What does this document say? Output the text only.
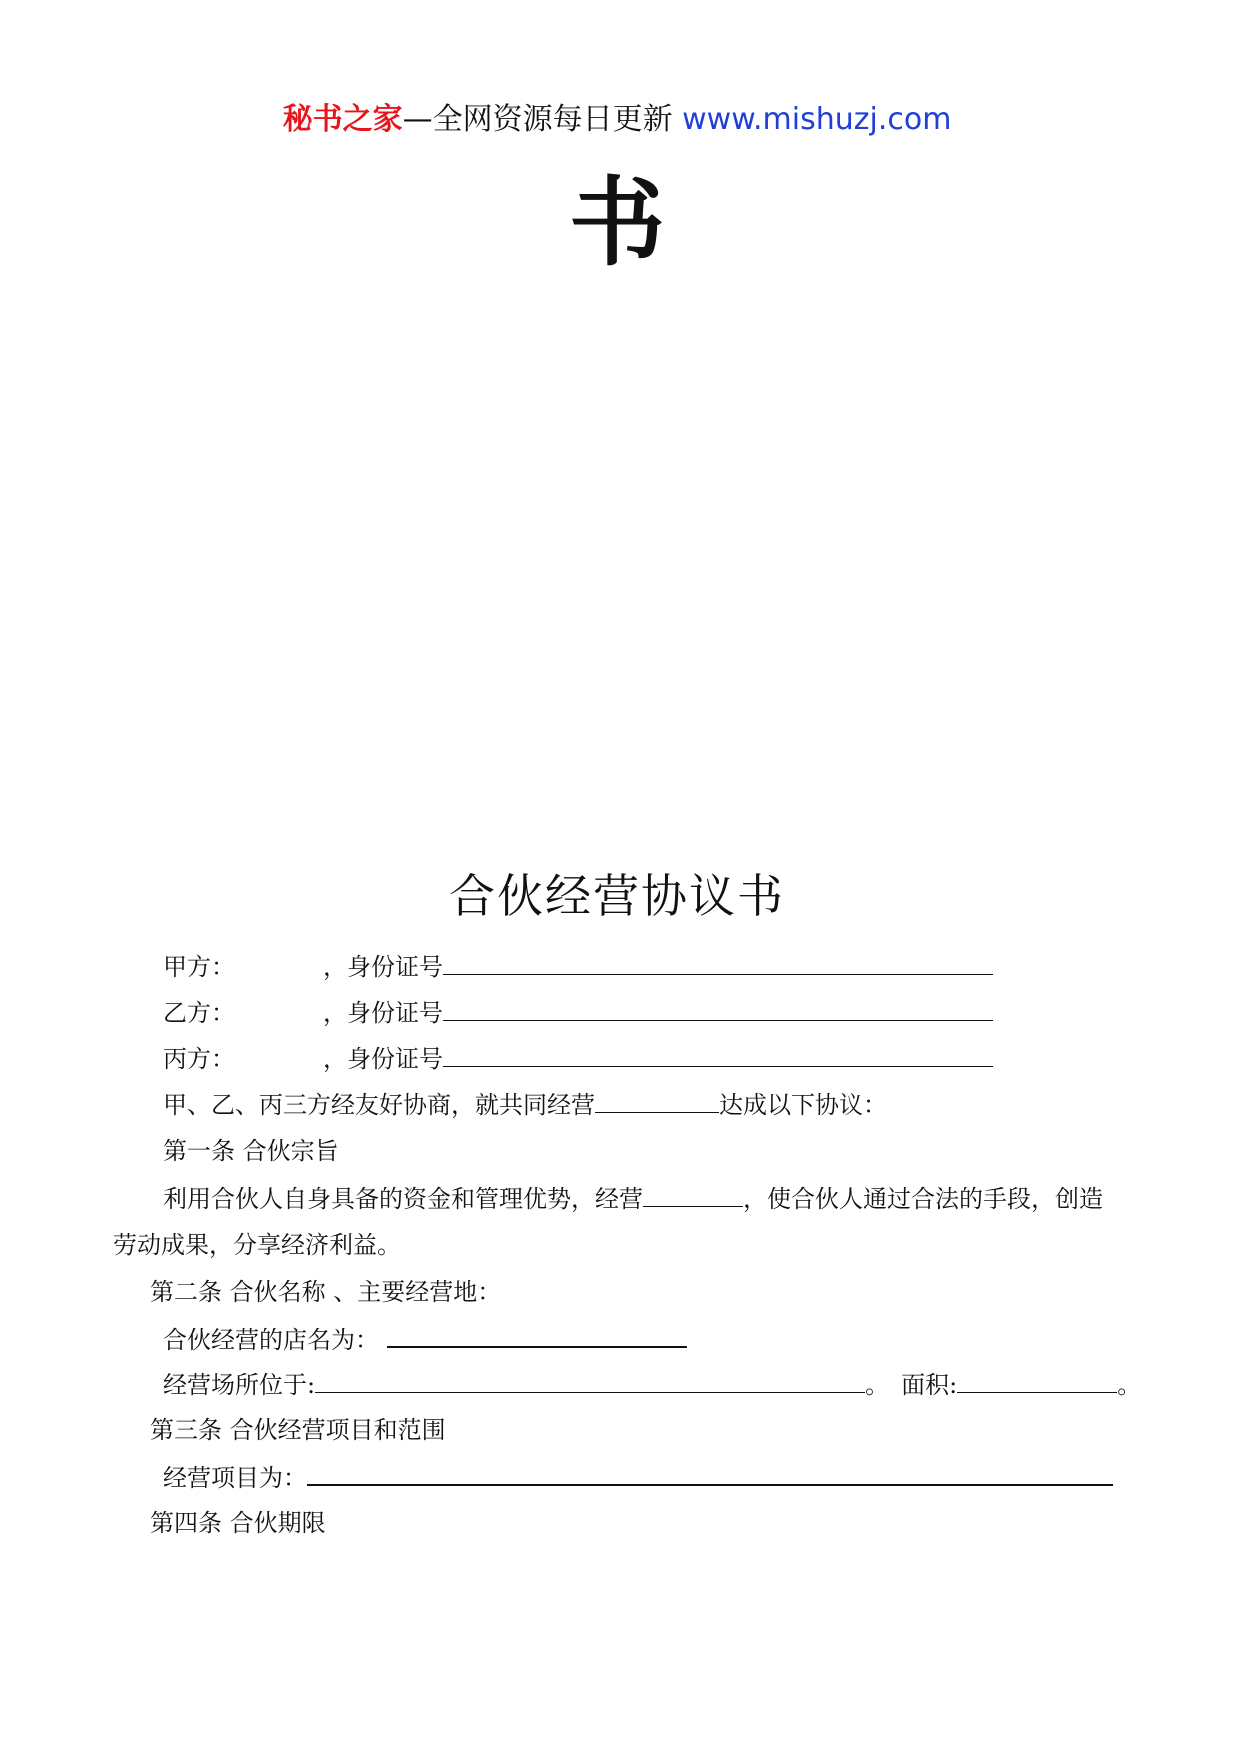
秘书之家—全网资源每日更新 www.mishuzj.com
书
合伙经营协议书
甲方：	，身份证号
乙方：	，身份证号
丙方：	，身份证号
甲、乙、丙三方经友好协商，就共同经营	达成以下协议：
第一条 合伙宗旨
利用合伙人自身具备的资金和管理优势，经营	，使合伙人通过合法的手段，创造
劳动成果，分享经济利益。
第二条 合伙名称 、主要经营地：
合伙经营的店名为：
经营场所位于:	。 面积:	。
第三条 合伙经营项目和范围
经营项目为：
第四条 合伙期限
